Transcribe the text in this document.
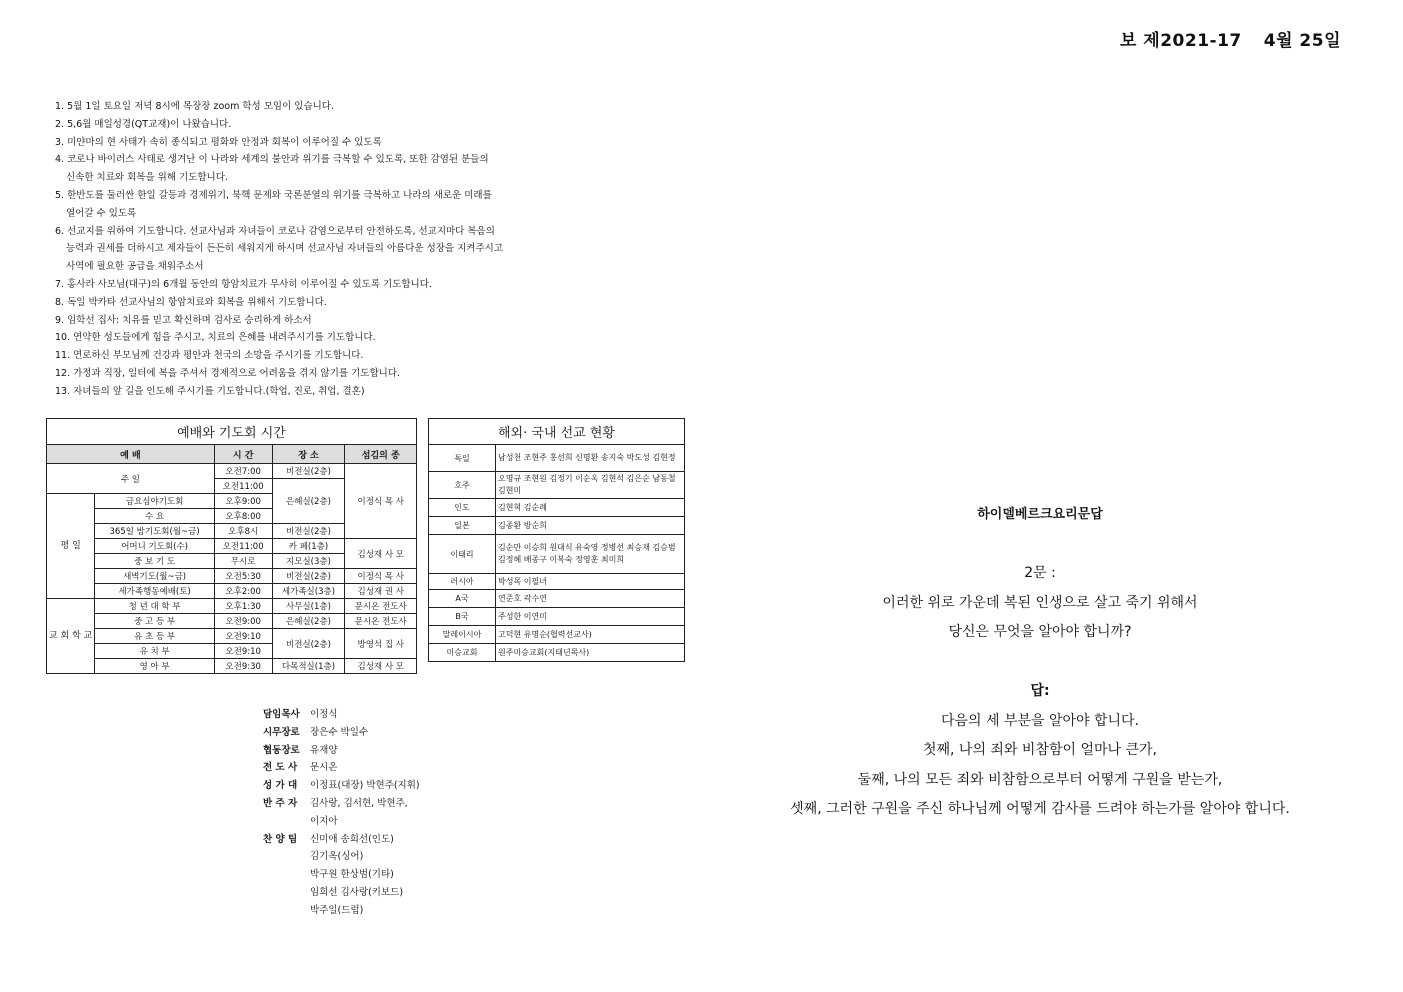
보 제2021-17 4월 25일
1. 5월 1일 토요일 저녁 8시에 목장장 zoom 학성 모임이 있습니다.
2. 5,6월 매일성경(QT교재)이 나왔습니다.
3. 미얀마의 현 사태가 속히 종식되고 평화와 안정과 회복이 이루어질 수 있도록
4. 코로나 바이러스 사태로 생겨난 이 나라와 세계의 불안과 위기를 극복할 수 있도록, 또한 감염된 분들의
신속한 치료와 회복을 위해 기도합니다.
5. 한반도를 둘러싼 한일 갈등과 경제위기, 북핵 문제와 국론분열의 위기를 극복하고 나라의 새로운 미래를
열어갈 수 있도록
6. 선교지를 위하여 기도합니다. 선교사님과 자녀들이 코로나 감염으로부터 안전하도록, 선교지마다 복음의
능력과 권세를 더하시고 제자들이 든든히 세워지게 하시며 선교사님 자녀들의 아름다운 성장을 지켜주시고
사역에 필요한 공급을 채워주소서
7. 홍사라 사모님(대구)의 6개월 동안의 항암치료가 무사히 이루어질 수 있도록 기도합니다.
8. 독일 박카타 선교사님의 항암치료와 회복을 위해서 기도합니다.
9. 임학선 집사: 치유를 믿고 확신하며 검사로 승리하게 하소서
10. 연약한 성도들에게 힘을 주시고, 치료의 은혜를 내려주시기를 기도합니다.
11. 연로하신 부모님께 건강과 평안과 천국의 소망을 주시기를 기도합니다.
12. 가정과 직장, 일터에 복을 주셔서 경제적으로 어려움을 겪지 않기를 기도합니다.
13. 자녀들의 앞 길을 인도해 주시기를 기도합니다.(학업, 진로, 취업, 결혼)
예배와 기도회 시간				
예 배		시 간	장 소	섬김의 종
주 일		오전7:00	비전실(2층)	이정식 목 사
		오전11:00	은혜실(2층)	
평 일	금요심야기도회	오후9:00		
	수 요	오후8:00		
	365일 밤기도회(월~금)	오후8시	비전실(2층)	
	어머니 기도회(수)	오전11:00	카 페(1층)	김성재 사 모
	중 보 기 도	무시로	지모실(3층)	
	새벽기도(월~금)	오전5:30	비전실(2층)	이정식 목 사
	세가족행동예배(토)	오후2:00	세가족실(3층)	김성재 권 사
교 회 학 교	청 년 대 학 부	오후1:30	사무실(1층)	문시온 전도사
	중 고 등 부	오전9:00	은혜실(2층)	문시온 전도사
	유 초 등 부	오전9:10	비전실(2층)	방영석 집 사
	유 치 부	오전9:10		
	영 아 부	오전9:30	다목적실(1층)	김성재 사 모
해외· 국내 선교 현황	
독일	남성천 조현주 홍선희 신명환 송지숙 박도성 김현정
호주	오명규 조현원 김정기 이순옥 김현석 김은순 남동철 김현미
인도	김현혁 김순례
일본	김종환 방순희
이태리	김순만 이승희 원대식 유숙영 정병선 최승재 김승범 김정혜 배종구 이복숙 정영훈 최미희
러시아	박성목 이필녀
A국	연준호 곽수연
B국	주성한 이연미
말레이시아	고덕현 유명순(협력선교사)
미승교회	원주미승교회(지태년목사)
담임목사	이정식
시무장로	장은수 박일수
협동장로	유재양
전 도 사	문시온
성 가 대	이정표(대장) 박현주(지휘)
반 주 자	김사랑, 김서현, 박현주,
이지아
찬 양 팀	신미애 송희선(인도)
김기옥(싱어)
박구원 한상범(기타)
임희선 김사랑(키보드)
박주일(드럼)

하이델베르크요리문답

2문 :

이러한 위로 가운데 복된 인생으로 살고 죽기 위해서

당신은 무엇을 알아야 합니까?

답:

다음의 세 부분을 알아야 합니다.

첫째, 나의 죄와 비참함이 얼마나 큰가,

둘째, 나의 모든 죄와 비참함으로부터 어떻게 구원을 받는가,

셋째, 그러한 구원을 주신 하나님께 어떻게 감사를 드려야 하는가를 알아야 합니다.
